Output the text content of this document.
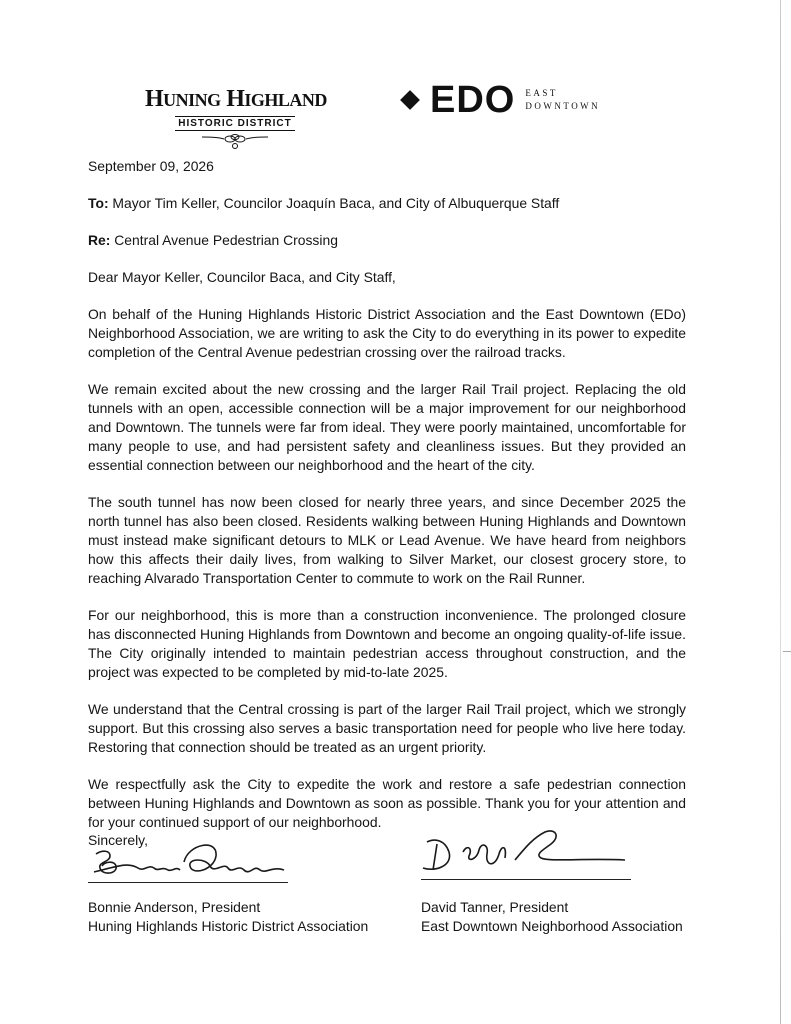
HUNING HIGHLAND
HISTORIC DISTRICT
EDO EAST
DOWNTOWN

September 09, 2026

To: Mayor Tim Keller, Councilor Joaquín Baca, and City of Albuquerque Staff

Re: Central Avenue Pedestrian Crossing

Dear Mayor Keller, Councilor Baca, and City Staff,

On behalf of the Huning Highlands Historic District Association and the East Downtown (EDo) Neighborhood Association, we are writing to ask the City to do everything in its power to expedite completion of the Central Avenue pedestrian crossing over the railroad tracks.

We remain excited about the new crossing and the larger Rail Trail project. Replacing the old tunnels with an open, accessible connection will be a major improvement for our neighborhood and Downtown. The tunnels were far from ideal. They were poorly maintained, uncomfortable for many people to use, and had persistent safety and cleanliness issues. But they provided an essential connection between our neighborhood and the heart of the city.

The south tunnel has now been closed for nearly three years, and since December 2025 the north tunnel has also been closed. Residents walking between Huning Highlands and Downtown must instead make significant detours to MLK or Lead Avenue. We have heard from neighbors how this affects their daily lives, from walking to Silver Market, our closest grocery store, to reaching Alvarado Transportation Center to commute to work on the Rail Runner.

For our neighborhood, this is more than a construction inconvenience. The prolonged closure has disconnected Huning Highlands from Downtown and become an ongoing quality-of-life issue. The City originally intended to maintain pedestrian access throughout construction, and the project was expected to be completed by mid-to-late 2025.

We understand that the Central crossing is part of the larger Rail Trail project, which we strongly support. But this crossing also serves a basic transportation need for people who live here today. Restoring that connection should be treated as an urgent priority.

We respectfully ask the City to expedite the work and restore a safe pedestrian connection between Huning Highlands and Downtown as soon as possible. Thank you for your attention and for your continued support of our neighborhood.

Sincerely,
Bonnie Anderson, President
Huning Highlands Historic District Association
David Tanner, President
East Downtown Neighborhood Association
